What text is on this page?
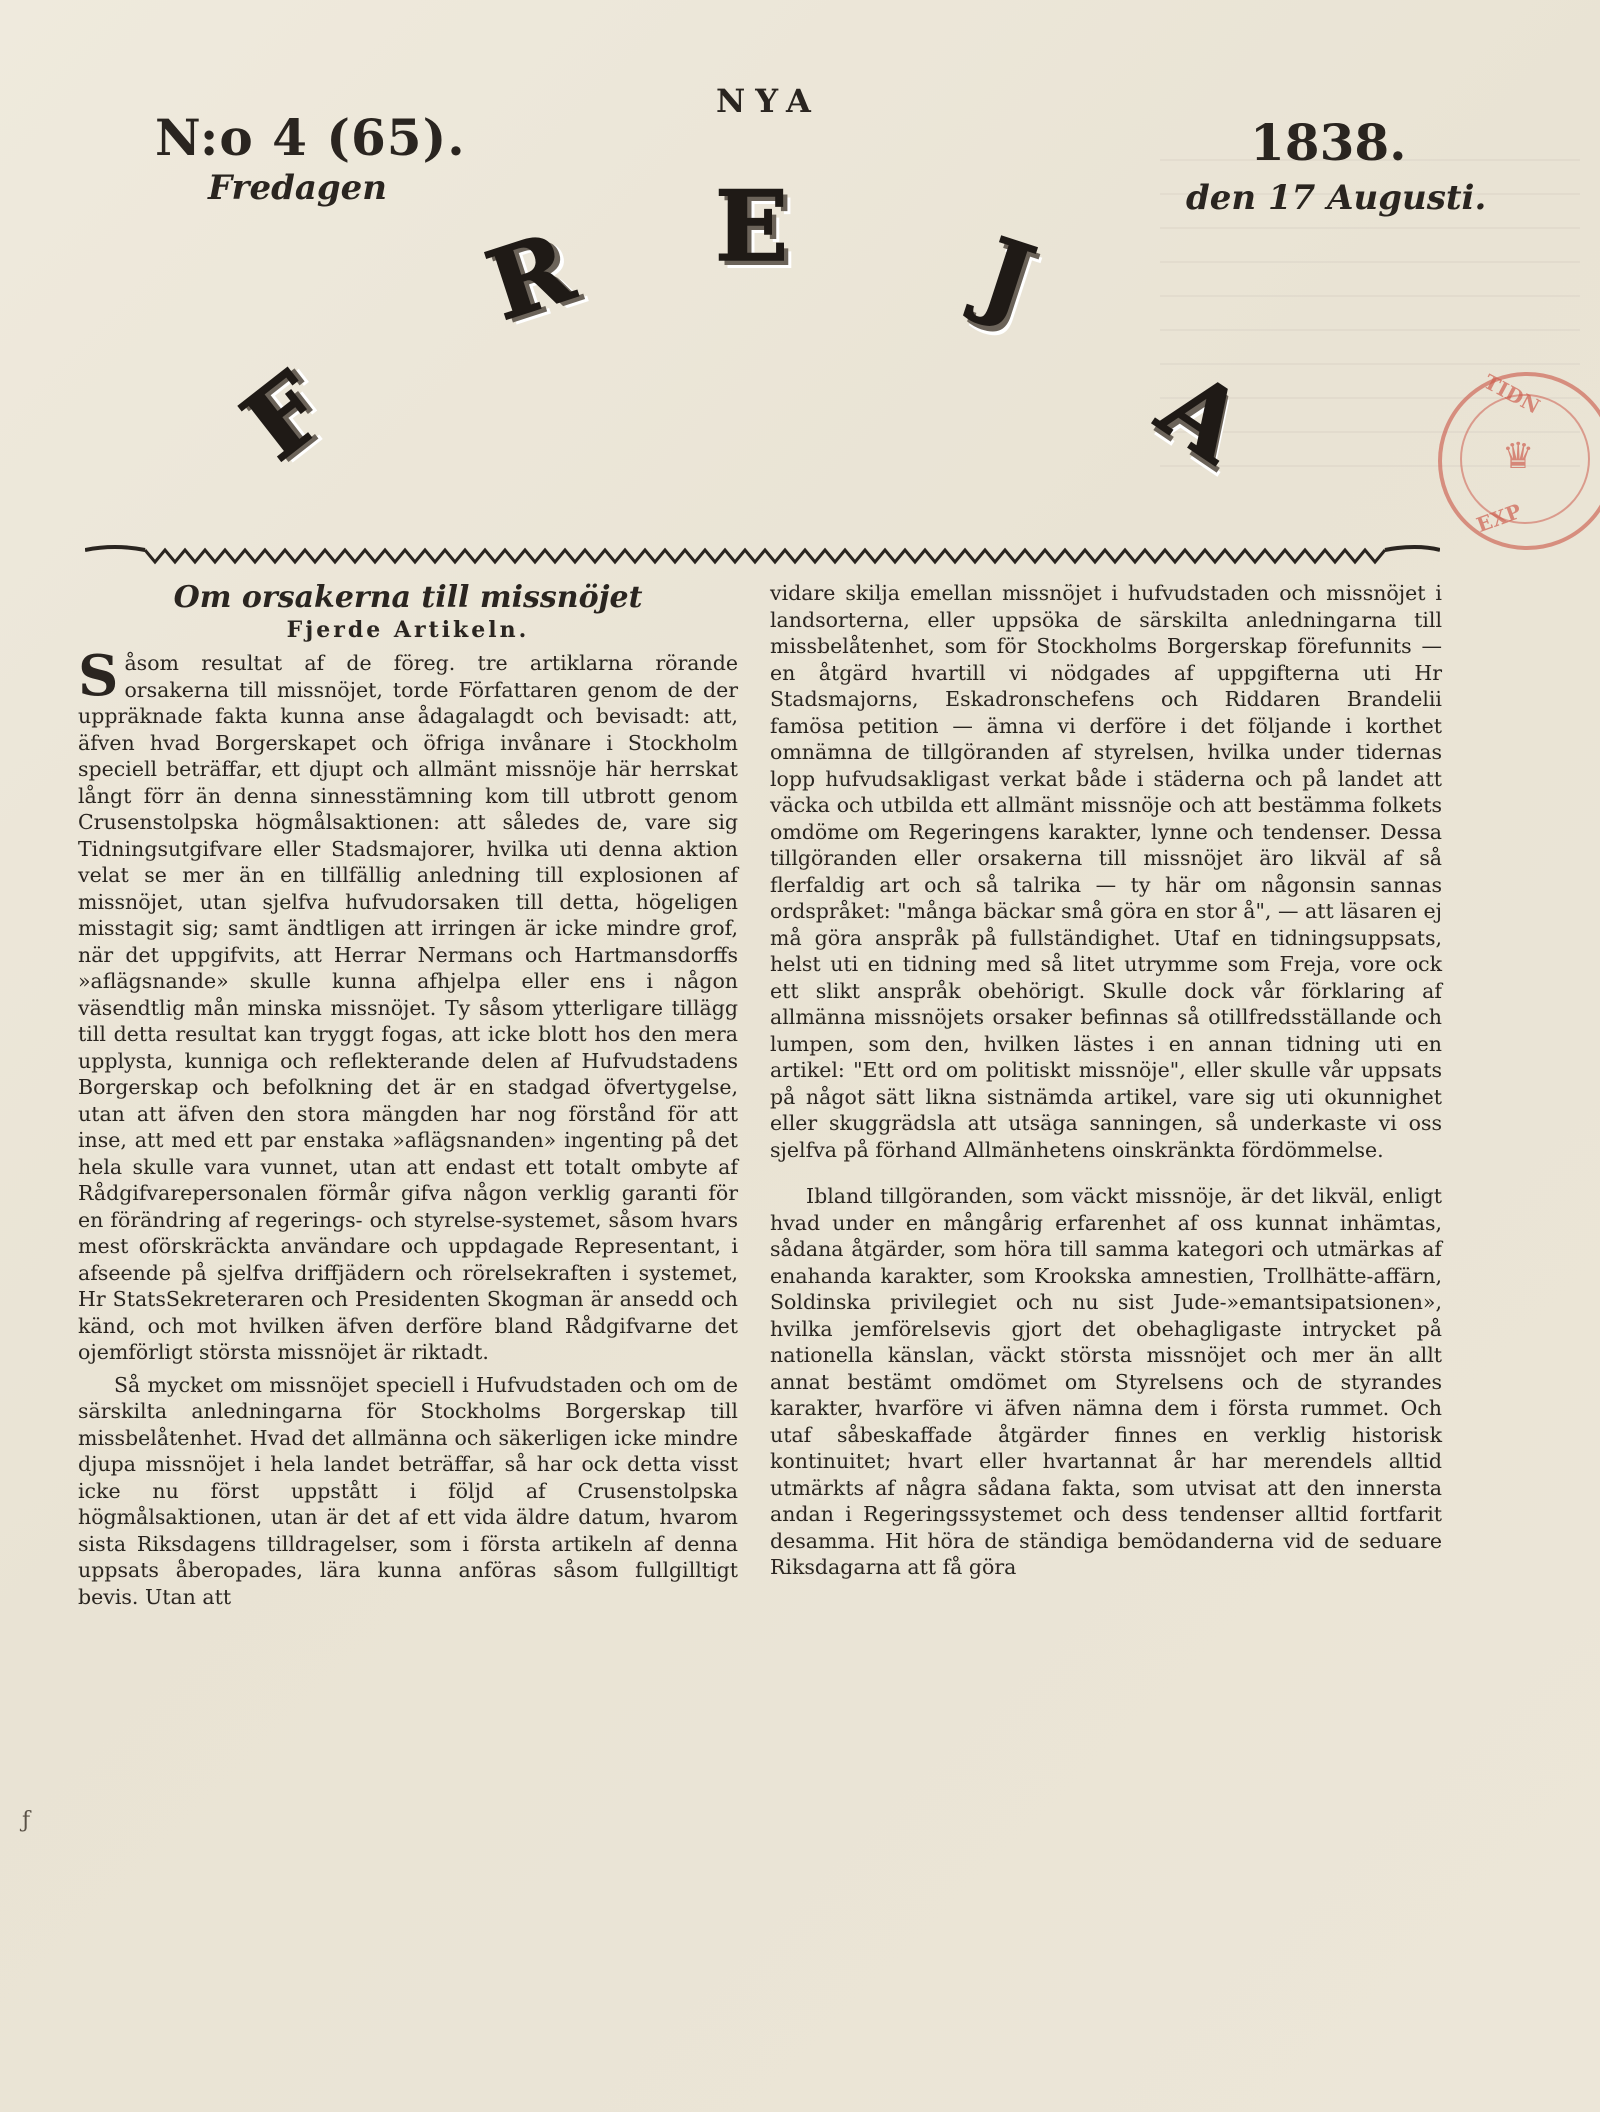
N:o 4 (65).
Fredagen
NYA
1838.
den 17 Augusti.
F
R E J
A	TIDN
♛
EXP

Om orsakerna till missnöjet

Fjerde Artikeln.

Såsom resultat af de föreg. tre artiklarna rörande orsakerna till missnöjet, torde Författaren genom de der uppräknade fakta kunna anse ådagalagdt och bevisadt: att, äfven hvad Borgerskapet och öfriga invånare i Stockholm speciell beträffar, ett djupt och allmänt missnöje här herrskat långt förr än denna sinnesstämning kom till utbrott genom Crusenstolpska högmålsaktionen: att således de, vare sig Tidningsutgifvare eller Stadsmajorer, hvilka uti denna aktion velat se mer än en tillfällig anledning till explosionen af missnöjet, utan sjelfva hufvudorsaken till detta, högeligen misstagit sig; samt ändtligen att irringen är icke mindre grof, när det uppgifvits, att Herrar Nermans och Hartmansdorffs »aflägsnande» skulle kunna afhjelpa eller ens i någon väsendtlig mån minska missnöjet. Ty såsom ytterligare tillägg till detta resultat kan tryggt fogas, att icke blott hos den mera upplysta, kunniga och reflekterande delen af Hufvudstadens Borgerskap och befolkning det är en stadgad öfvertygelse, utan att äfven den stora mängden har nog förstånd för att inse, att med ett par enstaka »aflägsnanden» ingenting på det hela skulle vara vunnet, utan att endast ett totalt ombyte af Rådgifvarepersonalen förmår gifva någon verklig garanti för en förändring af regerings- och styrelse-systemet, såsom hvars mest oförskräckta användare och uppdagade Representant, i afseende på sjelfva driffjädern och rörelsekraften i systemet, Hr StatsSekreteraren och Presidenten Skogman är ansedd och känd, och mot hvilken äfven derföre bland Rådgifvarne det ojemförligt största missnöjet är riktadt.

Så mycket om missnöjet speciell i Hufvudstaden och om de särskilta anledningarna för Stockholms Borgerskap till missbelåtenhet. Hvad det allmänna och säkerligen icke mindre djupa missnöjet i hela landet beträffar, så har ock detta visst icke nu först uppstått i följd af Crusenstolpska högmålsaktionen, utan är det af ett vida äldre datum, hvarom sista Riksdagens tilldragelser, som i första artikeln af denna uppsats åberopades, lära kunna anföras såsom fullgilltigt bevis. Utan att

vidare skilja emellan missnöjet i hufvudstaden och missnöjet i landsorterna, eller uppsöka de särskilta anledningarna till missbelåtenhet, som för Stockholms Borgerskap förefunnits — en åtgärd hvartill vi nödgades af uppgifterna uti Hr Stadsmajorns, Eskadronschefens och Riddaren Brandelii famösa petition — ämna vi derföre i det följande i korthet omnämna de tillgöranden af styrelsen, hvilka under tidernas lopp hufvudsakligast verkat både i städerna och på landet att väcka och utbilda ett allmänt missnöje och att bestämma folkets omdöme om Regeringens karakter, lynne och tendenser. Dessa tillgöranden eller orsakerna till missnöjet äro likväl af så flerfaldig art och så talrika — ty här om någonsin sannas ordspråket: "många bäckar små göra en stor å", — att läsaren ej må göra anspråk på fullständighet. Utaf en tidningsuppsats, helst uti en tidning med så litet utrymme som Freja, vore ock ett slikt anspråk obehörigt. Skulle dock vår förklaring af allmänna missnöjets orsaker befinnas så otillfredsställande och lumpen, som den, hvilken lästes i en annan tidning uti en artikel: "Ett ord om politiskt missnöje", eller skulle vår uppsats på något sätt likna sistnämda artikel, vare sig uti okunnighet eller skuggrädsla att utsäga sanningen, så underkaste vi oss sjelfva på förhand Allmänhetens oinskränkta fördömmelse.

Ibland tillgöranden, som väckt missnöje, är det likväl, enligt hvad under en mångårig erfarenhet af oss kunnat inhämtas, sådana åtgärder, som höra till samma kategori och utmärkas af enahanda karakter, som Krookska amnestien, Trollhätte-affärn, Soldinska privilegiet och nu sist Jude-»emantsipatsionen», hvilka jemförelsevis gjort det obehagligaste intrycket på nationella känslan, väckt största missnöjet och mer än allt annat bestämt omdömet om Styrelsens och de styrandes karakter, hvarföre vi äfven nämna dem i första rummet. Och utaf såbeskaffade åtgärder finnes en verklig historisk kontinuitet; hvart eller hvartannat år har merendels alltid utmärkts af några sådana fakta, som utvisat att den innersta andan i Regeringssystemet och dess tendenser alltid fortfarit desamma. Hit höra de ständiga bemödanderna vid de seduare Riksdagarna att få göra

ƒ
